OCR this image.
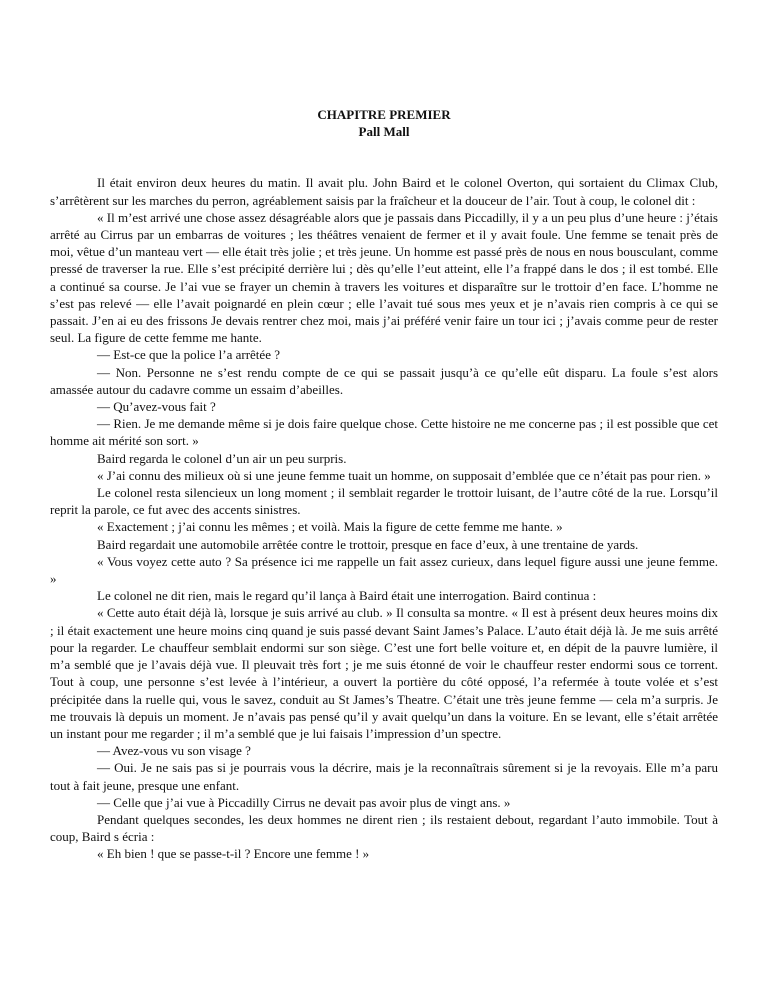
CHAPITRE PREMIER

Pall Mall

Il était environ deux heures du matin. Il avait plu. John Baird et le colonel Overton, qui sortaient du Climax Club, s’arrêtèrent sur les marches du perron, agréablement saisis par la fraîcheur et la douceur de l’air. Tout à coup, le colonel dit :

« Il m’est arrivé une chose assez désagréable alors que je passais dans Piccadilly, il y a un peu plus d’une heure : j’étais arrêté au Cirrus par un embarras de voitures ; les théâtres venaient de fermer et il y avait foule. Une femme se tenait près de moi, vêtue d’un manteau vert — elle était très jolie ; et très jeune. Un homme est passé près de nous en nous bousculant, comme pressé de traverser la rue. Elle s’est précipité derrière lui ; dès qu’elle l’eut atteint, elle l’a frappé dans le dos ; il est tombé. Elle a continué sa course. Je l’ai vue se frayer un chemin à travers les voitures et disparaître sur le trottoir d’en face. L’homme ne s’est pas relevé — elle l’avait poignardé en plein cœur ; elle l’avait tué sous mes yeux et je n’avais rien compris à ce qui se passait. J’en ai eu des frissons Je devais rentrer chez moi, mais j’ai préféré venir faire un tour ici ; j’avais comme peur de rester seul. La figure de cette femme me hante.

— Est-ce que la police l’a arrêtée ?

— Non. Personne ne s’est rendu compte de ce qui se passait jusqu’à ce qu’elle eût disparu. La foule s’est alors amassée autour du cadavre comme un essaim d’abeilles.

— Qu’avez-vous fait ?

— Rien. Je me demande même si je dois faire quelque chose. Cette histoire ne me concerne pas ; il est possible que cet homme ait mérité son sort. »

Baird regarda le colonel d’un air un peu surpris.

« J’ai connu des milieux où si une jeune femme tuait un homme, on supposait d’emblée que ce n’était pas pour rien. »

Le colonel resta silencieux un long moment ; il semblait regarder le trottoir luisant, de l’autre côté de la rue. Lorsqu’il reprit la parole, ce fut avec des accents sinistres.

« Exactement ; j’ai connu les mêmes ; et voilà. Mais la figure de cette femme me hante. »

Baird regardait une automobile arrêtée contre le trottoir, presque en face d’eux, à une trentaine de yards.

« Vous voyez cette auto ? Sa présence ici me rappelle un fait assez curieux, dans lequel figure aussi une jeune femme. »

Le colonel ne dit rien, mais le regard qu’il lança à Baird était une interrogation. Baird continua :

« Cette auto était déjà là, lorsque je suis arrivé au club. » Il consulta sa montre. « Il est à présent deux heures moins dix ; il était exactement une heure moins cinq quand je suis passé devant Saint James’s Palace. L’auto était déjà là. Je me suis arrêté pour la regarder. Le chauffeur semblait endormi sur son siège. C’est une fort belle voiture et, en dépit de la pauvre lumière, il m’a semblé que je l’avais déjà vue. Il pleuvait très fort ; je me suis étonné de voir le chauffeur rester endormi sous ce torrent. Tout à coup, une personne s’est levée à l’intérieur, a ouvert la portière du côté opposé, l’a refermée à toute volée et s’est précipitée dans la ruelle qui, vous le savez, conduit au St James’s Theatre. C’était une très jeune femme — cela m’a surpris. Je me trouvais là depuis un moment. Je n’avais pas pensé qu’il y avait quelqu’un dans la voiture. En se levant, elle s’était arrêtée un instant pour me regarder ; il m’a semblé que je lui faisais l’impression d’un spectre.

— Avez-vous vu son visage ?

— Oui. Je ne sais pas si je pourrais vous la décrire, mais je la reconnaîtrais sûrement si je la revoyais. Elle m’a paru tout à fait jeune, presque une enfant.

— Celle que j’ai vue à Piccadilly Cirrus ne devait pas avoir plus de vingt ans. »

Pendant quelques secondes, les deux hommes ne dirent rien ; ils restaient debout, regardant l’auto immobile. Tout à coup, Baird s écria :

« Eh bien ! que se passe-t-il ? Encore une femme ! »
